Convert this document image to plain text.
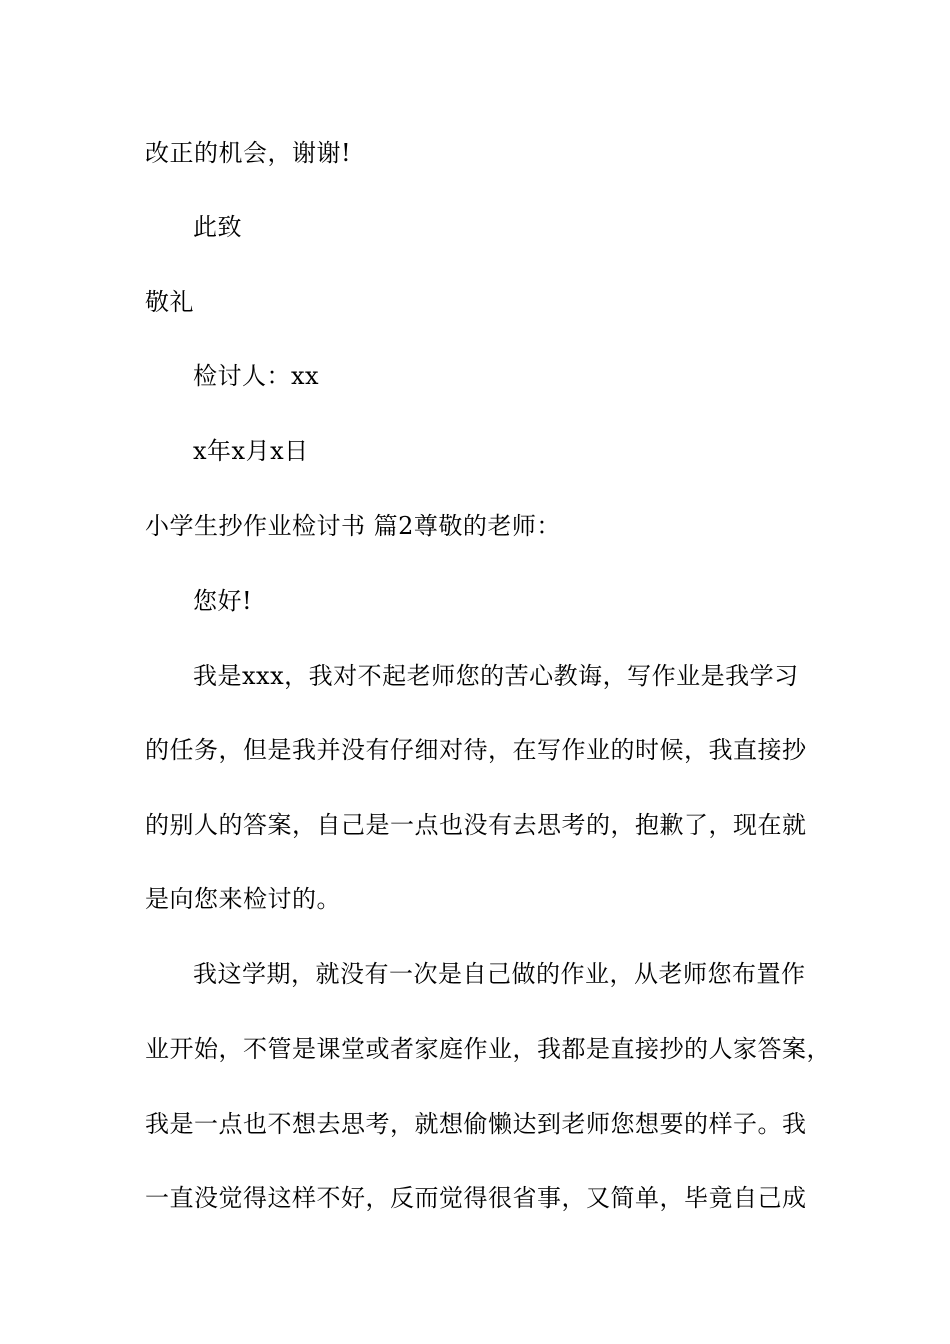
改正的机会，谢谢!
此致
敬礼
检讨人：xx
x年x月x日
小学生抄作业检讨书 篇2尊敬的老师：
您好!
我是xxx，我对不起老师您的苦心教诲，写作业是我学习
的任务，但是我并没有仔细对待，在写作业的时候，我直接抄
的别人的答案，自己是一点也没有去思考的，抱歉了，现在就
是向您来检讨的。
我这学期，就没有一次是自己做的作业，从老师您布置作
业开始，不管是课堂或者家庭作业，我都是直接抄的人家答案，
我是一点也不想去思考，就想偷懒达到老师您想要的样子。我
一直没觉得这样不好，反而觉得很省事，又简单，毕竟自己成
